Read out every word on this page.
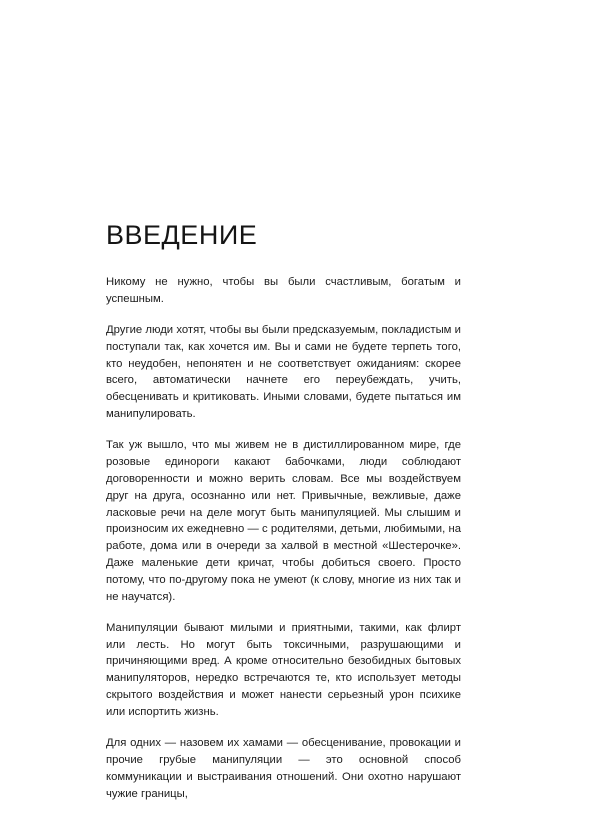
ВВЕДЕНИЕ

Никому не нужно, чтобы вы были счастливым, богатым и успешным.

Другие люди хотят, чтобы вы были предсказуемым, покладистым и поступали так, как хочется им. Вы и сами не будете терпеть того, кто неудобен, непонятен и не соответствует ожиданиям: скорее всего, автоматически начнете его переубеждать, учить, обесценивать и критиковать. Иными словами, будете пытаться им манипулировать.

Так уж вышло, что мы живем не в дистиллированном мире, где розовые единороги какают бабочками, люди соблюдают договоренности и можно верить словам. Все мы воздействуем друг на друга, осознанно или нет. Привычные, вежливые, даже ласковые речи на деле могут быть манипуляцией. Мы слышим и произносим их ежедневно — с родителями, детьми, любимыми, на работе, дома или в очереди за халвой в местной «Шестерочке». Даже маленькие дети кричат, чтобы добиться своего. Просто потому, что по-другому пока не умеют (к слову, многие из них так и не научатся).

Манипуляции бывают милыми и приятными, такими, как флирт или лесть. Но могут быть токсичными, разрушающими и причиняющими вред. А кроме относительно безобидных бытовых манипуляторов, нередко встречаются те, кто использует методы скрытого воздействия и может нанести серьезный урон психике или испортить жизнь.

Для одних — назовем их хамами — обесценивание, провокации и прочие грубые манипуляции — это основной способ коммуникации и выстраивания отношений. Они охотно нарушают чужие границы,
